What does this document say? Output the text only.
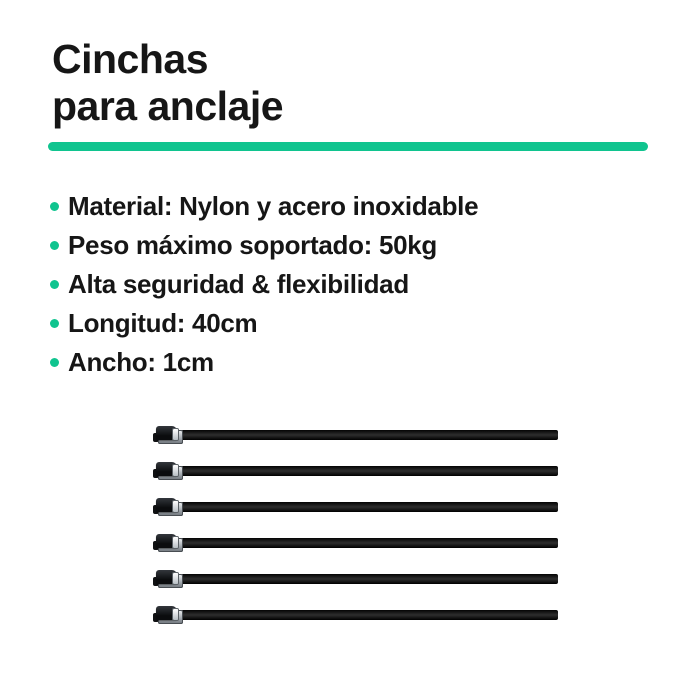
Cinchas
para anclaje
Material: Nylon y acero inoxidable
Peso máximo soportado: 50kg
Alta seguridad & flexibilidad
Longitud: 40cm
Ancho: 1cm
